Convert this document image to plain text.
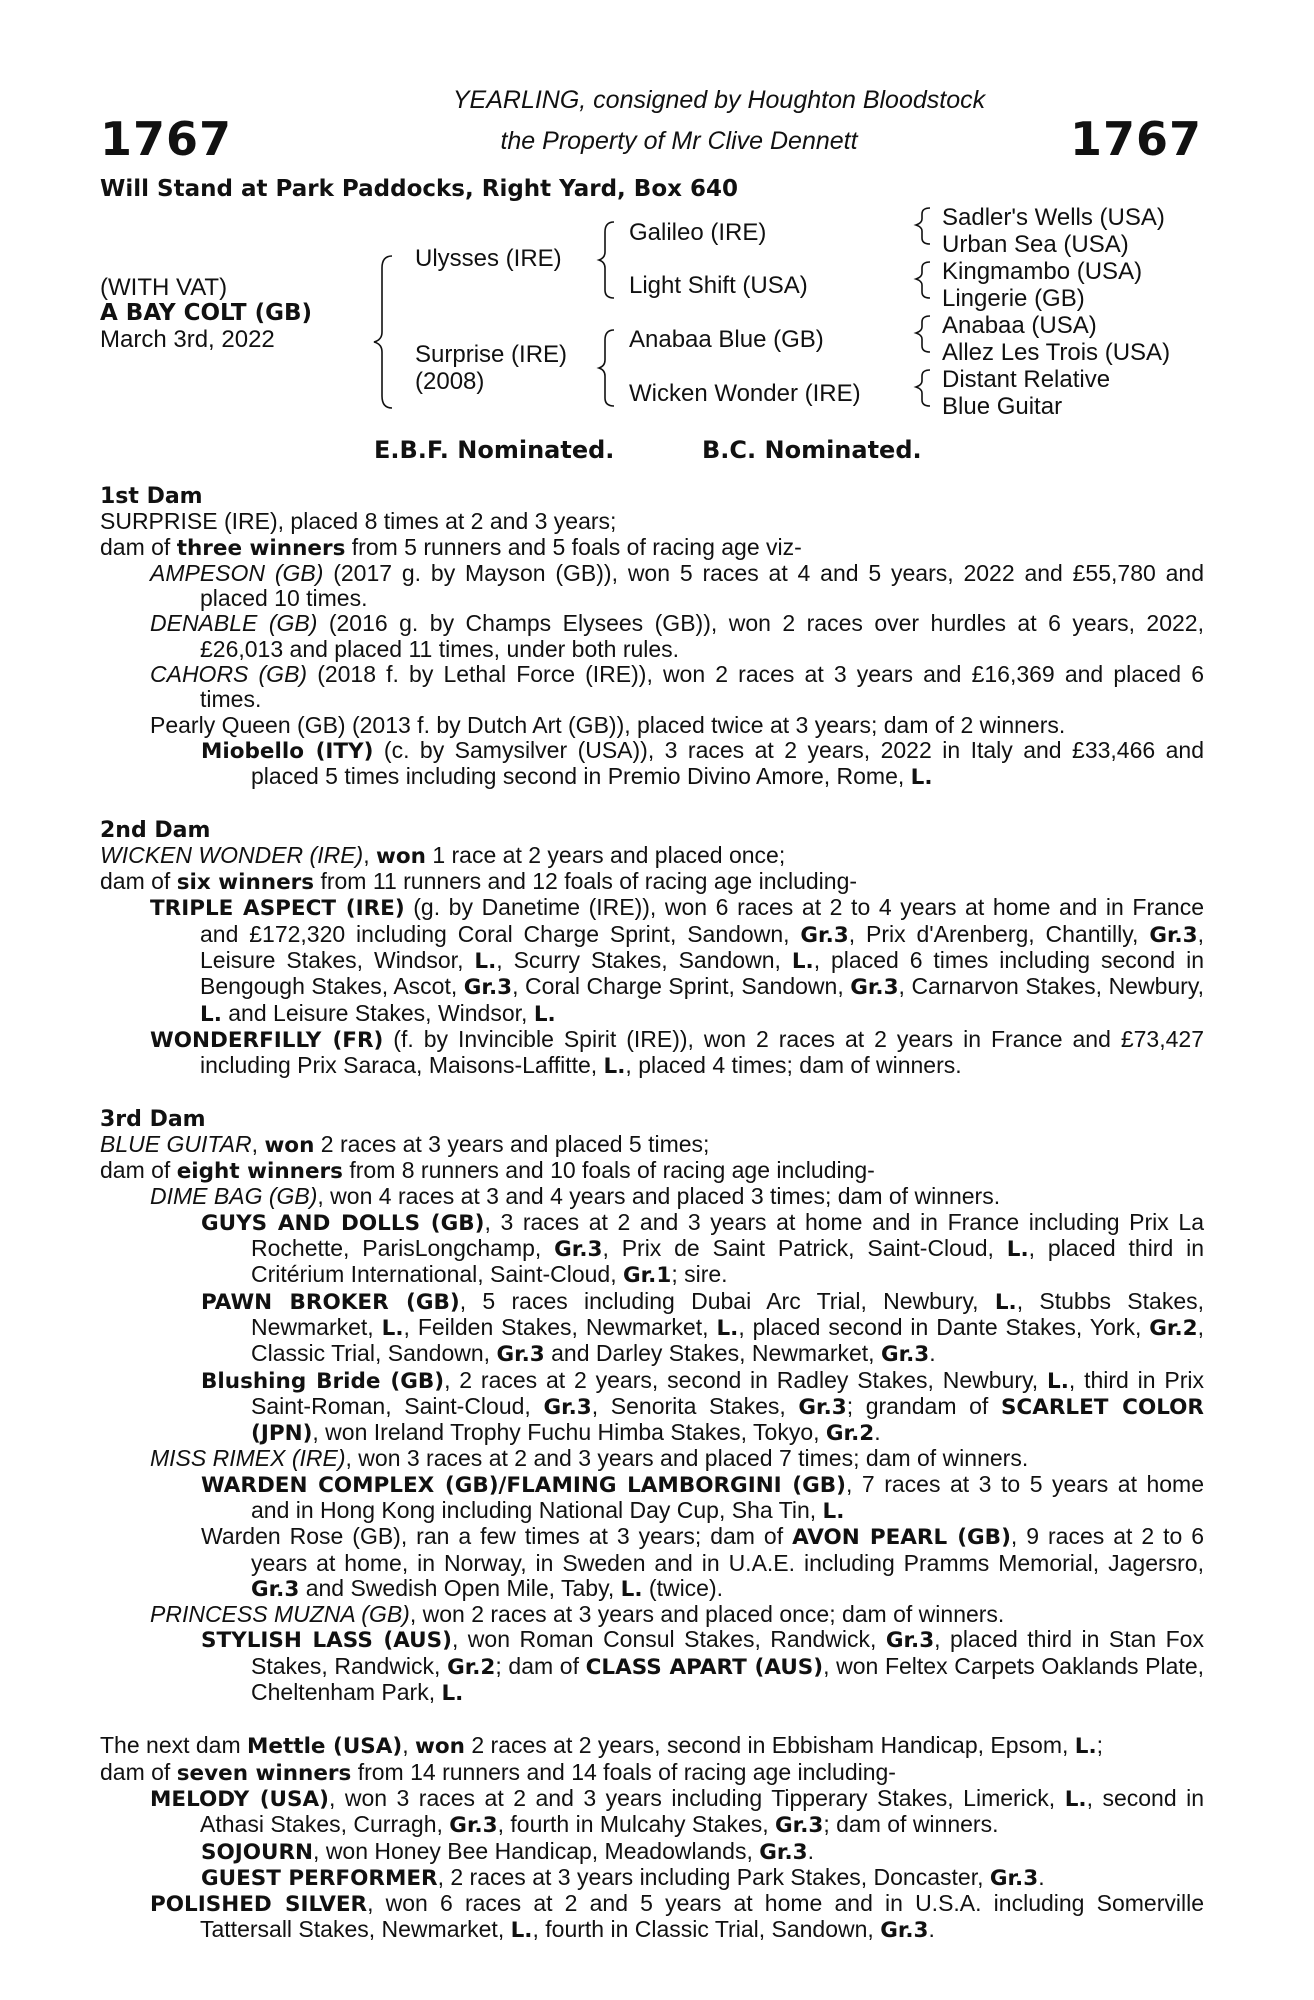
1767	1767
YEARLING, consigned by Houghton Bloodstock
the Property of Mr Clive Dennett
Will Stand at Park Paddocks, Right Yard, Box 640
(WITH VAT)
A BAY COLT (GB)
March 3rd, 2022
Ulysses (IRE)
Surprise (IRE)
(2008)
Galileo (IRE)
Light Shift (USA)
Anabaa Blue (GB)
Wicken Wonder (IRE)
Sadler's Wells (USA)
Urban Sea (USA)
Kingmambo (USA)
Lingerie (GB)
Anabaa (USA)
Allez Les Trois (USA)
Distant Relative
Blue Guitar
E.B.F. Nominated.	B.C. Nominated.
1st Dam
SURPRISE (IRE), placed 8 times at 2 and 3 years;
dam of three winners from 5 runners and 5 foals of racing age viz-
AMPESON (GB) (2017 g. by Mayson (GB)), won 5 races at 4 and 5 years, 2022 and £55,780 and placed 10 times.
DENABLE (GB) (2016 g. by Champs Elysees (GB)), won 2 races over hurdles at 6 years, 2022, £26,013 and placed 11 times, under both rules.
CAHORS (GB) (2018 f. by Lethal Force (IRE)), won 2 races at 3 years and £16,369 and placed 6 times.
Pearly Queen (GB) (2013 f. by Dutch Art (GB)), placed twice at 3 years; dam of 2 winners.
Miobello (ITY) (c. by Samysilver (USA)), 3 races at 2 years, 2022 in Italy and £33,466 and placed 5 times including second in Premio Divino Amore, Rome, L.
2nd Dam
WICKEN WONDER (IRE), won 1 race at 2 years and placed once;
dam of six winners from 11 runners and 12 foals of racing age including-
TRIPLE ASPECT (IRE) (g. by Danetime (IRE)), won 6 races at 2 to 4 years at home and in France and £172,320 including Coral Charge Sprint, Sandown, Gr.3, Prix d'Arenberg, Chantilly, Gr.3, Leisure Stakes, Windsor, L., Scurry Stakes, Sandown, L., placed 6 times including second in Bengough Stakes, Ascot, Gr.3, Coral Charge Sprint, Sandown, Gr.3, Carnarvon Stakes, Newbury, L. and Leisure Stakes, Windsor, L.
WONDERFILLY (FR) (f. by Invincible Spirit (IRE)), won 2 races at 2 years in France and £73,427 including Prix Saraca, Maisons-Laffitte, L., placed 4 times; dam of winners.
3rd Dam
BLUE GUITAR, won 2 races at 3 years and placed 5 times;
dam of eight winners from 8 runners and 10 foals of racing age including-
DIME BAG (GB), won 4 races at 3 and 4 years and placed 3 times; dam of winners.
GUYS AND DOLLS (GB), 3 races at 2 and 3 years at home and in France including Prix La Rochette, ParisLongchamp, Gr.3, Prix de Saint Patrick, Saint-Cloud, L., placed third in Critérium International, Saint-Cloud, Gr.1; sire.
PAWN BROKER (GB), 5 races including Dubai Arc Trial, Newbury, L., Stubbs Stakes, Newmarket, L., Feilden Stakes, Newmarket, L., placed second in Dante Stakes, York, Gr.2, Classic Trial, Sandown, Gr.3 and Darley Stakes, Newmarket, Gr.3.
Blushing Bride (GB), 2 races at 2 years, second in Radley Stakes, Newbury, L., third in Prix Saint-Roman, Saint-Cloud, Gr.3, Senorita Stakes, Gr.3; grandam of SCARLET COLOR (JPN), won Ireland Trophy Fuchu Himba Stakes, Tokyo, Gr.2.
MISS RIMEX (IRE), won 3 races at 2 and 3 years and placed 7 times; dam of winners.
WARDEN COMPLEX (GB)/FLAMING LAMBORGINI (GB), 7 races at 3 to 5 years at home and in Hong Kong including National Day Cup, Sha Tin, L.
Warden Rose (GB), ran a few times at 3 years; dam of AVON PEARL (GB), 9 races at 2 to 6 years at home, in Norway, in Sweden and in U.A.E. including Pramms Memorial, Jagersro, Gr.3 and Swedish Open Mile, Taby, L. (twice).
PRINCESS MUZNA (GB), won 2 races at 3 years and placed once; dam of winners.
STYLISH LASS (AUS), won Roman Consul Stakes, Randwick, Gr.3, placed third in Stan Fox Stakes, Randwick, Gr.2; dam of CLASS APART (AUS), won Feltex Carpets Oaklands Plate, Cheltenham Park, L.
The next dam Mettle (USA), won 2 races at 2 years, second in Ebbisham Handicap, Epsom, L.;
dam of seven winners from 14 runners and 14 foals of racing age including-
MELODY (USA), won 3 races at 2 and 3 years including Tipperary Stakes, Limerick, L., second in Athasi Stakes, Curragh, Gr.3, fourth in Mulcahy Stakes, Gr.3; dam of winners.
SOJOURN, won Honey Bee Handicap, Meadowlands, Gr.3.
GUEST PERFORMER, 2 races at 3 years including Park Stakes, Doncaster, Gr.3.
POLISHED SILVER, won 6 races at 2 and 5 years at home and in U.S.A. including Somerville Tattersall Stakes, Newmarket, L., fourth in Classic Trial, Sandown, Gr.3.
